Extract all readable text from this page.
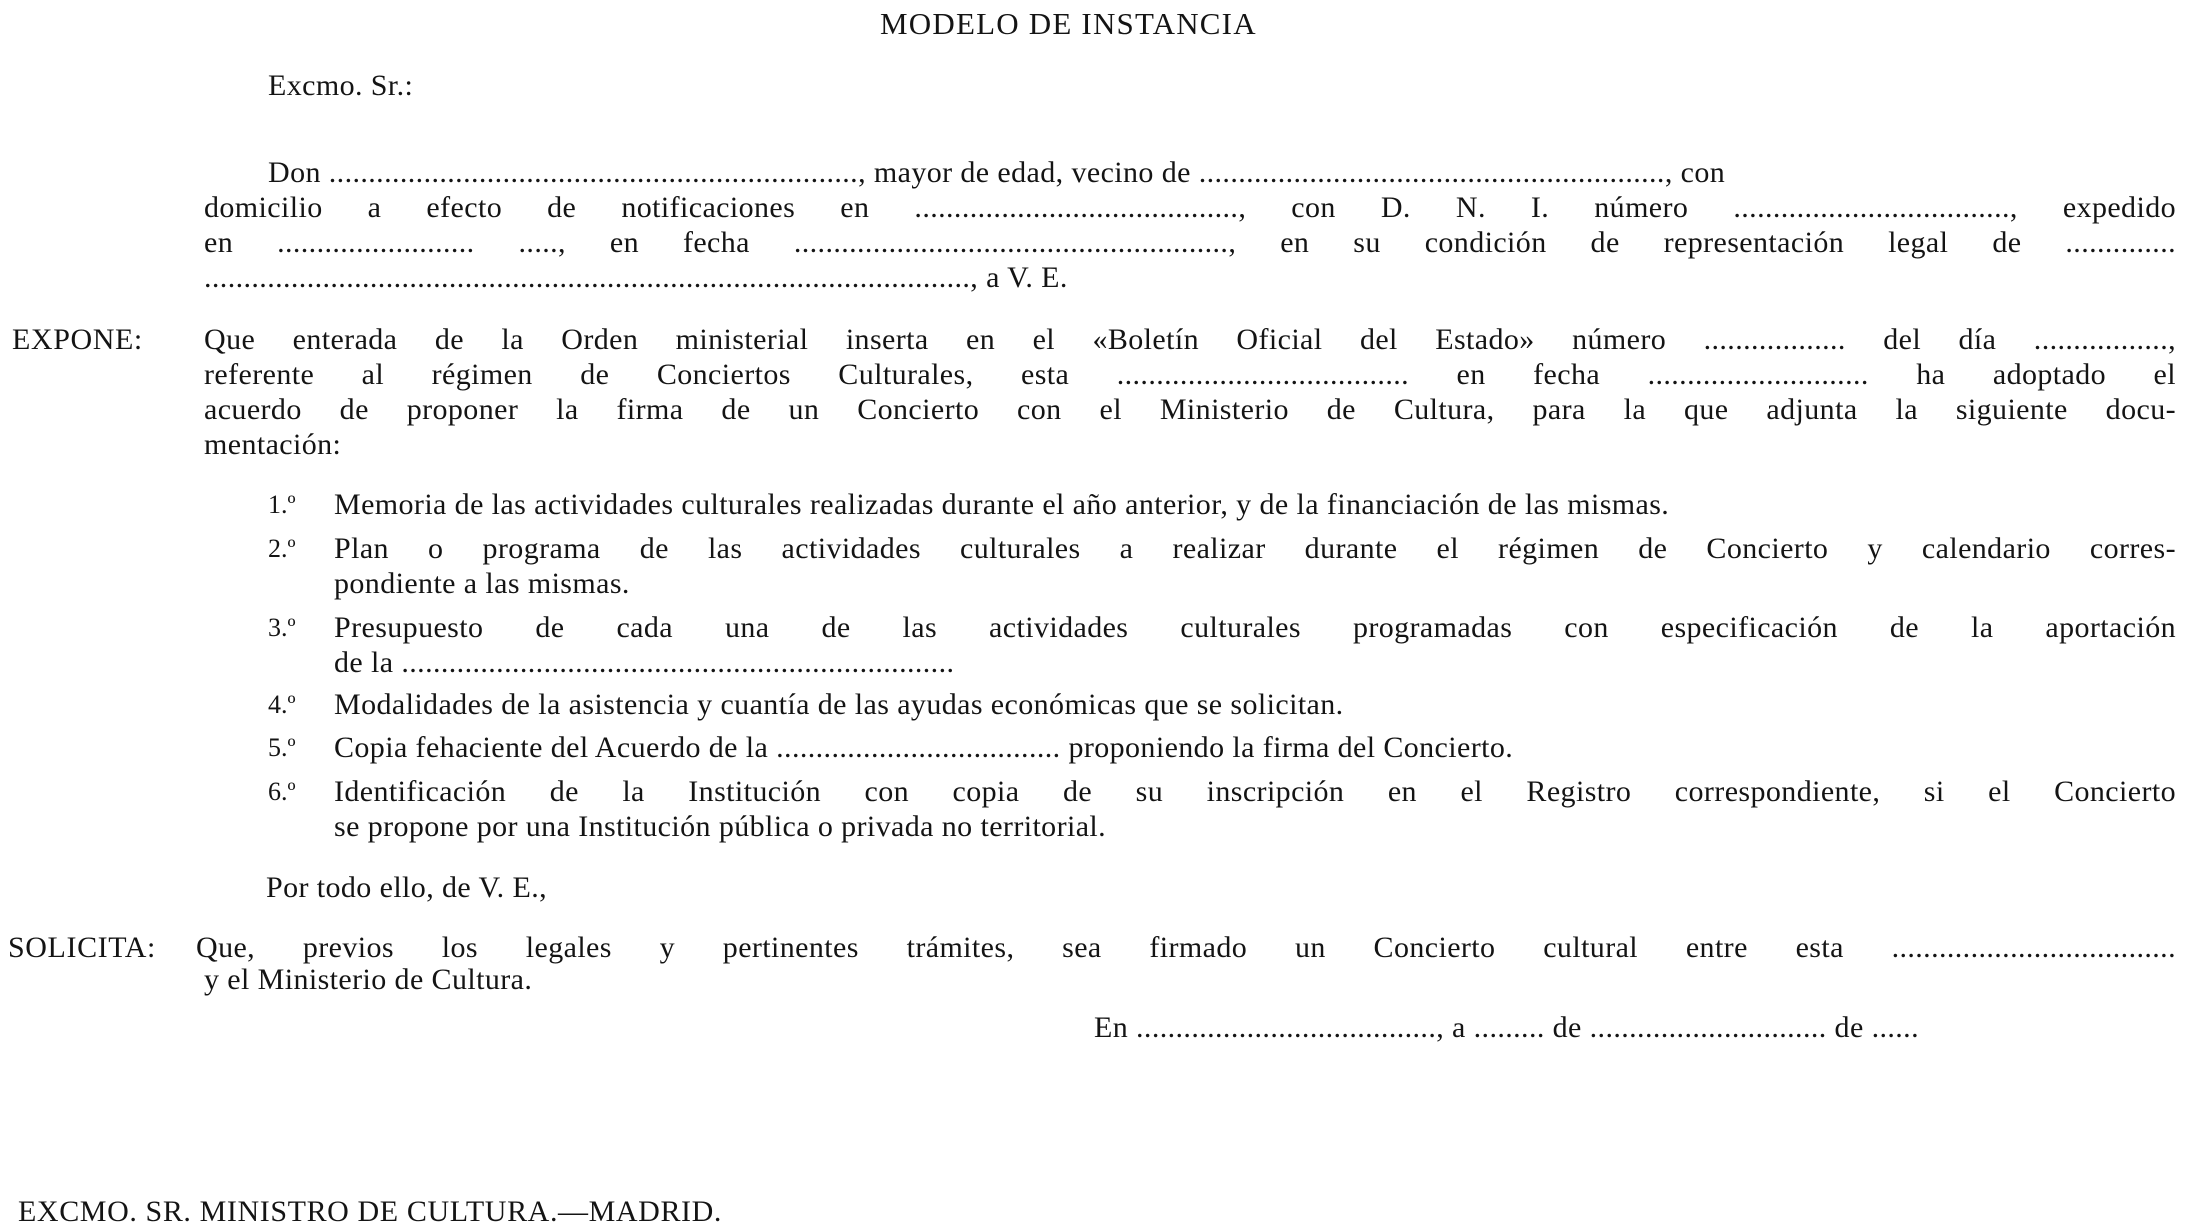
MODELO DE INSTANCIA
Excmo. Sr.:
Don ..................................................................., mayor de edad, vecino de ..........................................................., con
domicilio a efecto de notificaciones en ........................................., con D. N. I. número ..................................., expedido
en ......................... ....., en fecha ......................................................., en su condición de representación legal de ..............
................................................................................................., a V. E.
EXPONE: Que enterada de la Orden ministerial inserta en el «Boletín Oficial del Estado» número .................. del día .................,
referente al régimen de Conciertos Culturales, esta ..................................... en fecha ............................ ha adoptado el
acuerdo de proponer la firma de un Concierto con el Ministerio de Cultura, para la que adjunta la siguiente docu-
mentación:
1.º Memoria de las actividades culturales realizadas durante el año anterior, y de la financiación de las mismas.
2.º Plan o programa de las actividades culturales a realizar durante el régimen de Concierto y calendario corres-
pondiente a las mismas.
3.º Presupuesto de cada una de las actividades culturales programadas con especificación de la aportación
de la ......................................................................
4.º Modalidades de la asistencia y cuantía de las ayudas económicas que se solicitan.
5.º Copia fehaciente del Acuerdo de la .................................... proponiendo la firma del Concierto.
6.º Identificación de la Institución con copia de su inscripción en el Registro correspondiente, si el Concierto
se propone por una Institución pública o privada no territorial.
Por todo ello, de V. E.,
SOLICITA: Que, previos los legales y pertinentes trámites, sea firmado un Concierto cultural entre esta ....................................
y el Ministerio de Cultura.
En ......................................, a ......... de .............................. de ......
EXCMO. SR. MINISTRO DE CULTURA.—MADRID.
